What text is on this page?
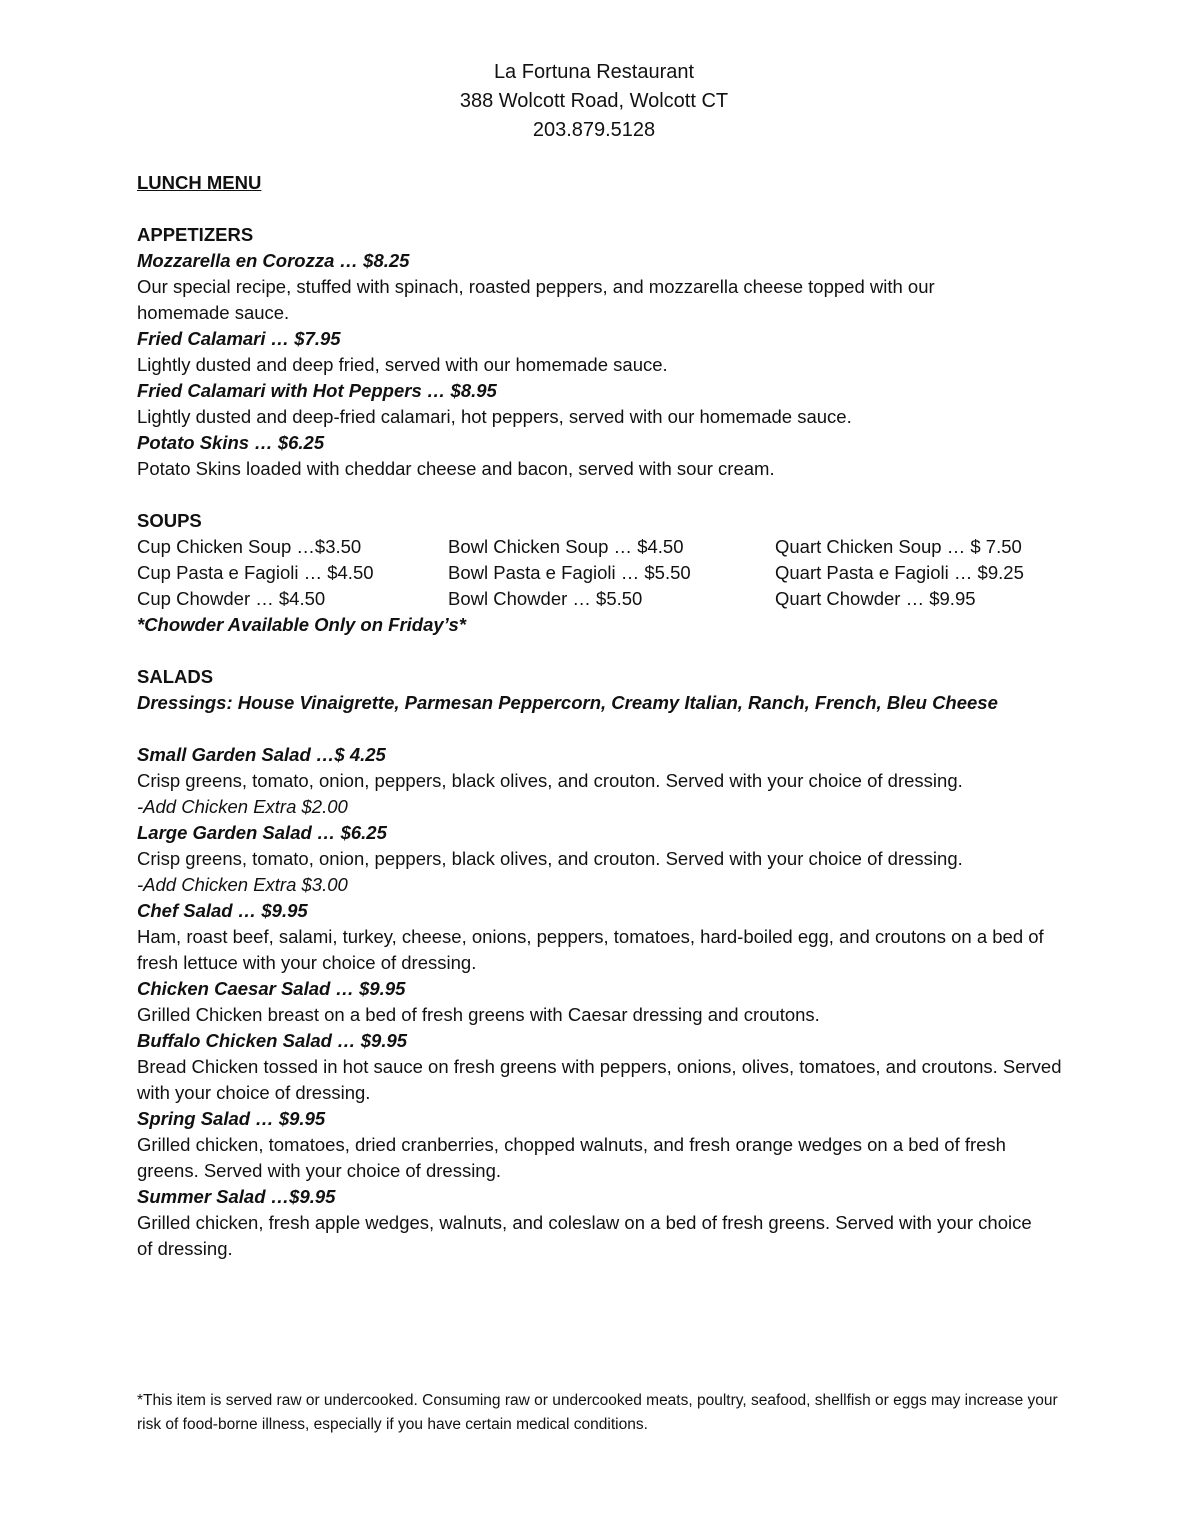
La Fortuna Restaurant
388 Wolcott Road, Wolcott CT
203.879.5128
LUNCH MENU
APPETIZERS
Mozzarella en Corozza … $8.25
Our special recipe, stuffed with spinach, roasted peppers, and mozzarella cheese topped with our homemade sauce.
Fried Calamari … $7.95
Lightly dusted and deep fried, served with our homemade sauce.
Fried Calamari with Hot Peppers … $8.95
Lightly dusted and deep-fried calamari, hot peppers, served with our homemade sauce.
Potato Skins … $6.25
Potato Skins loaded with cheddar cheese and bacon, served with sour cream.
SOUPS
Cup Chicken Soup …$3.50	Bowl Chicken Soup … $4.50	Quart Chicken Soup … $ 7.50
Cup Pasta e Fagioli … $4.50	Bowl Pasta e Fagioli … $5.50	Quart Pasta e Fagioli … $9.25
Cup Chowder … $4.50	Bowl Chowder … $5.50	Quart Chowder … $9.95
*Chowder Available Only on Friday’s*
SALADS
Dressings: House Vinaigrette, Parmesan Peppercorn, Creamy Italian, Ranch, French, Bleu Cheese
Small Garden Salad …$ 4.25
Crisp greens, tomato, onion, peppers, black olives, and crouton. Served with your choice of dressing.
-Add Chicken Extra $2.00
Large Garden Salad … $6.25
Crisp greens, tomato, onion, peppers, black olives, and crouton. Served with your choice of dressing.
-Add Chicken Extra $3.00
Chef Salad … $9.95
Ham, roast beef, salami, turkey, cheese, onions, peppers, tomatoes, hard-boiled egg, and croutons on a bed of fresh lettuce with your choice of dressing.
Chicken Caesar Salad … $9.95
Grilled Chicken breast on a bed of fresh greens with Caesar dressing and croutons.
Buffalo Chicken Salad … $9.95
Bread Chicken tossed in hot sauce on fresh greens with peppers, onions, olives, tomatoes, and croutons. Served with your choice of dressing.
Spring Salad … $9.95
Grilled chicken, tomatoes, dried cranberries, chopped walnuts, and fresh orange wedges on a bed of fresh greens. Served with your choice of dressing.
Summer Salad …$9.95
Grilled chicken, fresh apple wedges, walnuts, and coleslaw on a bed of fresh greens. Served with your choice of dressing.
*This item is served raw or undercooked. Consuming raw or undercooked meats, poultry, seafood, shellfish or eggs may increase your risk of food-borne illness, especially if you have certain medical conditions.
